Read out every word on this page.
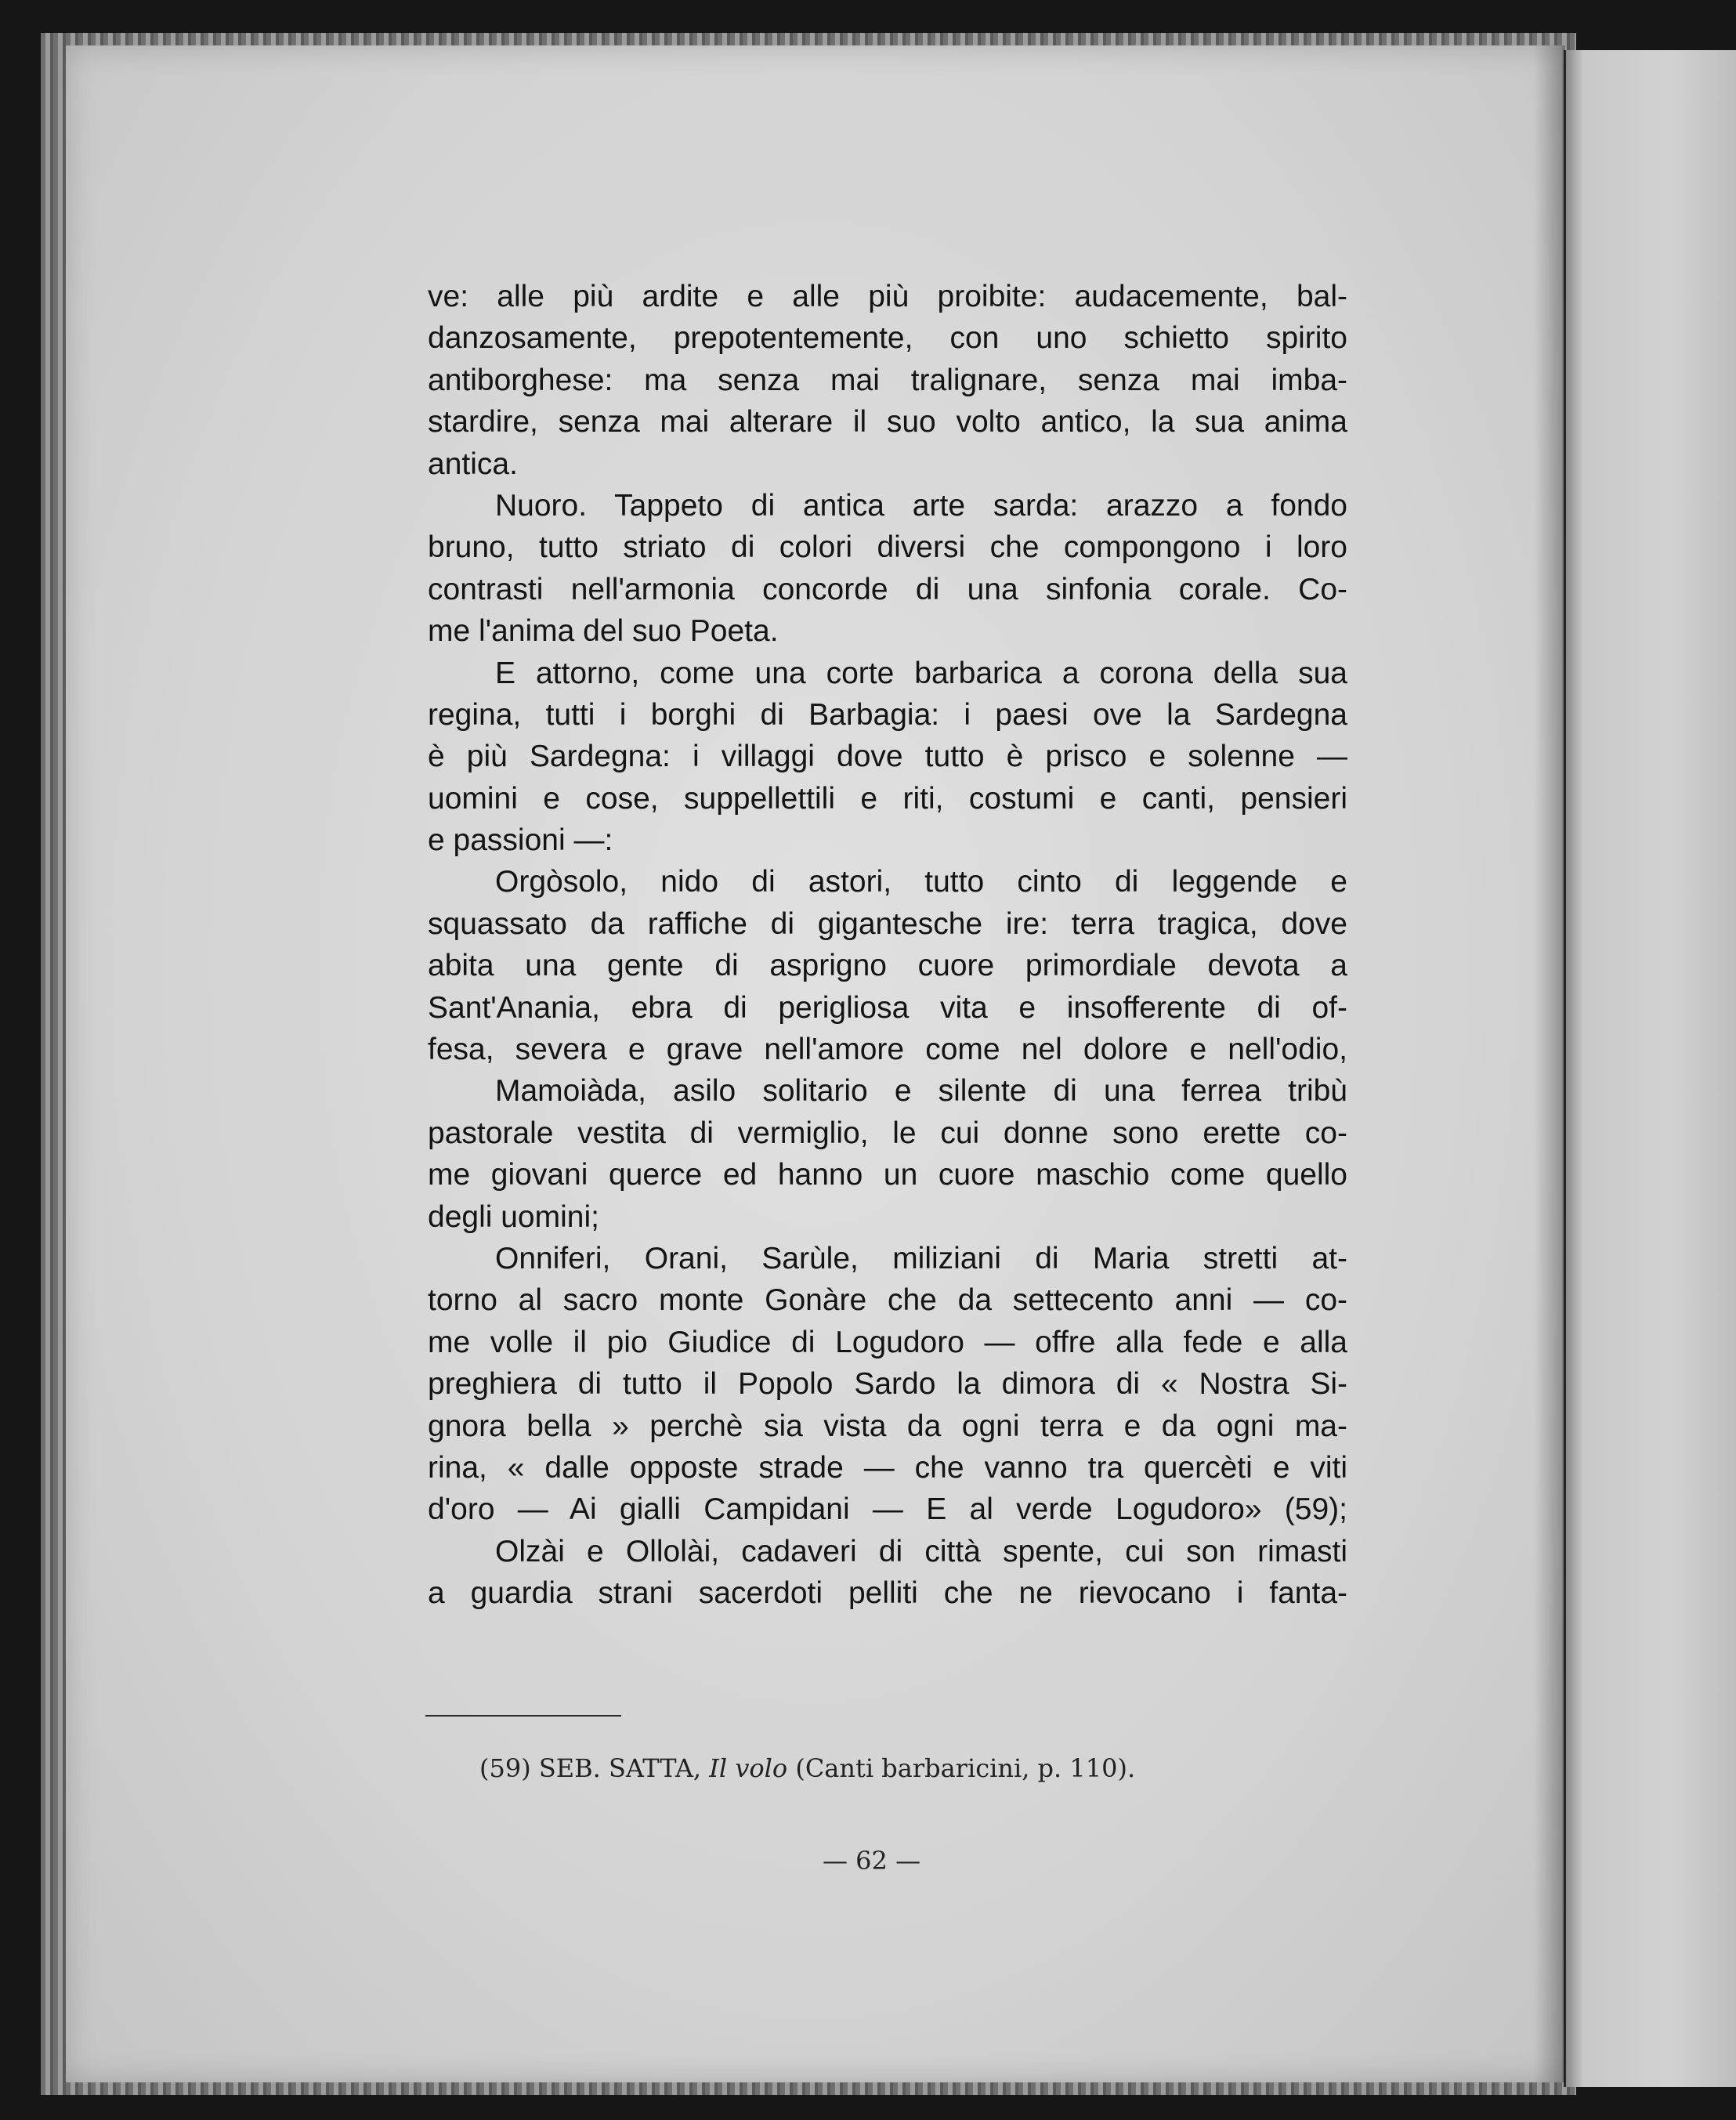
ve: alle più ardite e alle più proibite: audacemente, bal-
danzosamente, prepotentemente, con uno schietto spirito
antiborghese: ma senza mai tralignare, senza mai imba-
stardire, senza mai alterare il suo volto antico, la sua anima
antica.
Nuoro. Tappeto di antica arte sarda: arazzo a fondo
bruno, tutto striato di colori diversi che compongono i loro
contrasti nell'armonia concorde di una sinfonia corale. Co-
me l'anima del suo Poeta.
E attorno, come una corte barbarica a corona della sua
regina, tutti i borghi di Barbagia: i paesi ove la Sardegna
è più Sardegna: i villaggi dove tutto è prisco e solenne —
uomini e cose, suppellettili e riti, costumi e canti, pensieri
e passioni —:
Orgòsolo, nido di astori, tutto cinto di leggende e
squassato da raffiche di gigantesche ire: terra tragica, dove
abita una gente di asprigno cuore primordiale devota a
Sant'Anania, ebra di perigliosa vita e insofferente di of-
fesa, severa e grave nell'amore come nel dolore e nell'odio,
Mamoiàda, asilo solitario e silente di una ferrea tribù
pastorale vestita di vermiglio, le cui donne sono erette co-
me giovani querce ed hanno un cuore maschio come quello
degli uomini;
Onniferi, Orani, Sarùle, miliziani di Maria stretti at-
torno al sacro monte Gonàre che da settecento anni — co-
me volle il pio Giudice di Logudoro — offre alla fede e alla
preghiera di tutto il Popolo Sardo la dimora di « Nostra Si-
gnora bella » perchè sia vista da ogni terra e da ogni ma-
rina, « dalle opposte strade — che vanno tra quercèti e viti
d'oro — Ai gialli Campidani — E al verde Logudoro» (59);
Olzài e Ollolài, cadaveri di città spente, cui son rimasti
a guardia strani sacerdoti pelliti che ne rievocano i fanta-
(59) SEB. SATTA, Il volo (Canti barbaricini, p. 110).
— 62 —
